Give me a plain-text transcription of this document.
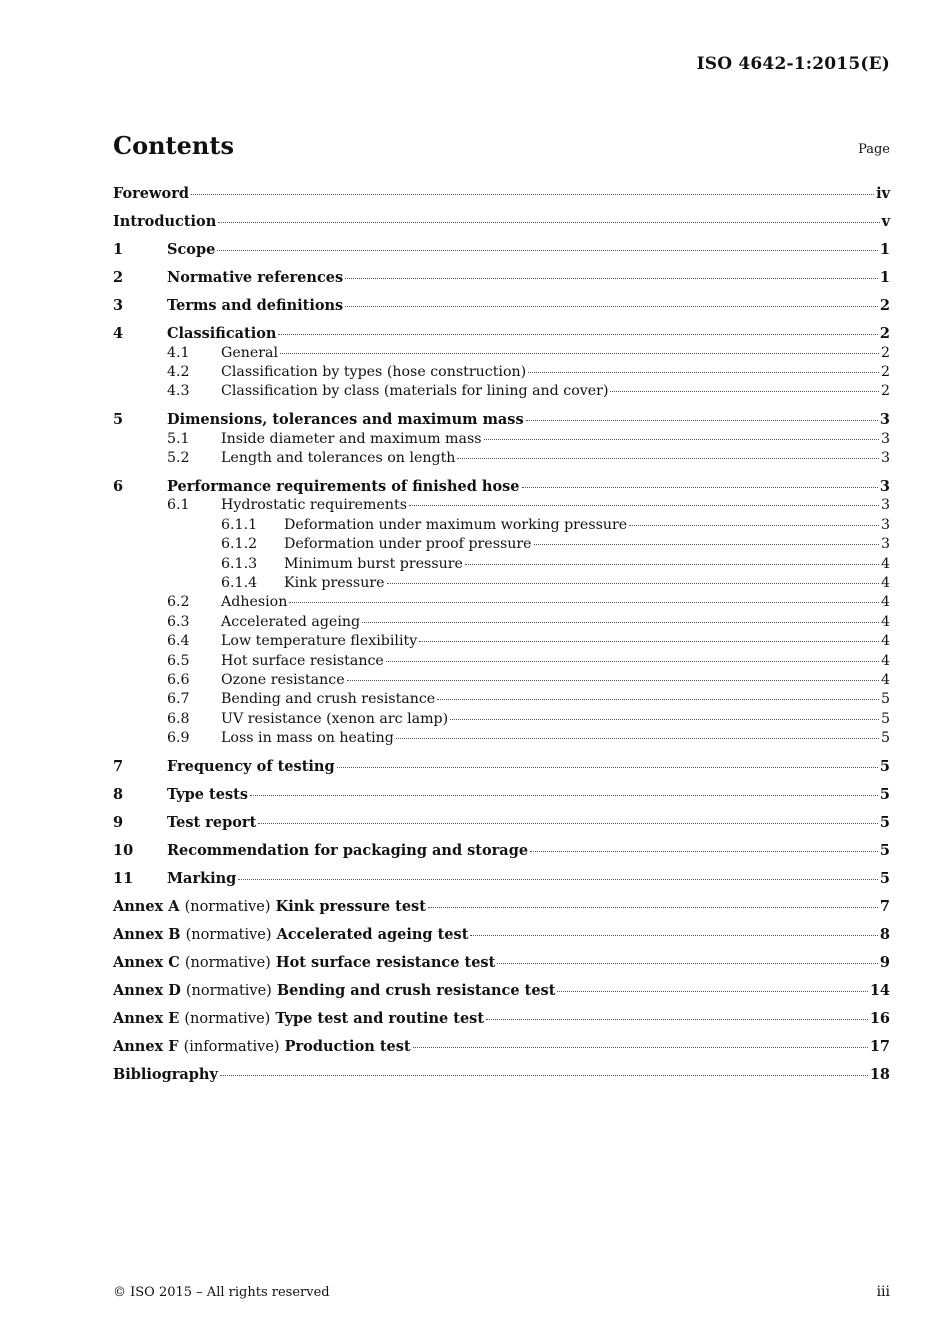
ISO 4642-1:2015(E)
Contents	Page
Foreword	iv
Introduction	v
1	Scope	1
2	Normative references	1
3	Terms and definitions	2
4	Classification	2
4.1	General	2
4.2	Classification by types (hose construction)	2
4.3	Classification by class (materials for lining and cover)	2
5	Dimensions, tolerances and maximum mass	3
5.1	Inside diameter and maximum mass	3
5.2	Length and tolerances on length	3
6	Performance requirements of finished hose	3
6.1	Hydrostatic requirements	3
6.1.1	Deformation under maximum working pressure	3
6.1.2	Deformation under proof pressure	3
6.1.3	Minimum burst pressure	4
6.1.4	Kink pressure	4
6.2	Adhesion	4
6.3	Accelerated ageing	4
6.4	Low temperature flexibility	4
6.5	Hot surface resistance	4
6.6	Ozone resistance	4
6.7	Bending and crush resistance	5
6.8	UV resistance (xenon arc lamp)	5
6.9	Loss in mass on heating	5
7	Frequency of testing	5
8	Type tests	5
9	Test report	5
10	Recommendation for packaging and storage	5
11	Marking	5
Annex A (normative) Kink pressure test	7
Annex B (normative) Accelerated ageing test	8
Annex C (normative) Hot surface resistance test	9
Annex D (normative) Bending and crush resistance test	14
Annex E (normative) Type test and routine test	16
Annex F (informative) Production test	17
Bibliography	18
© ISO 2015 – All rights reserved	iii
